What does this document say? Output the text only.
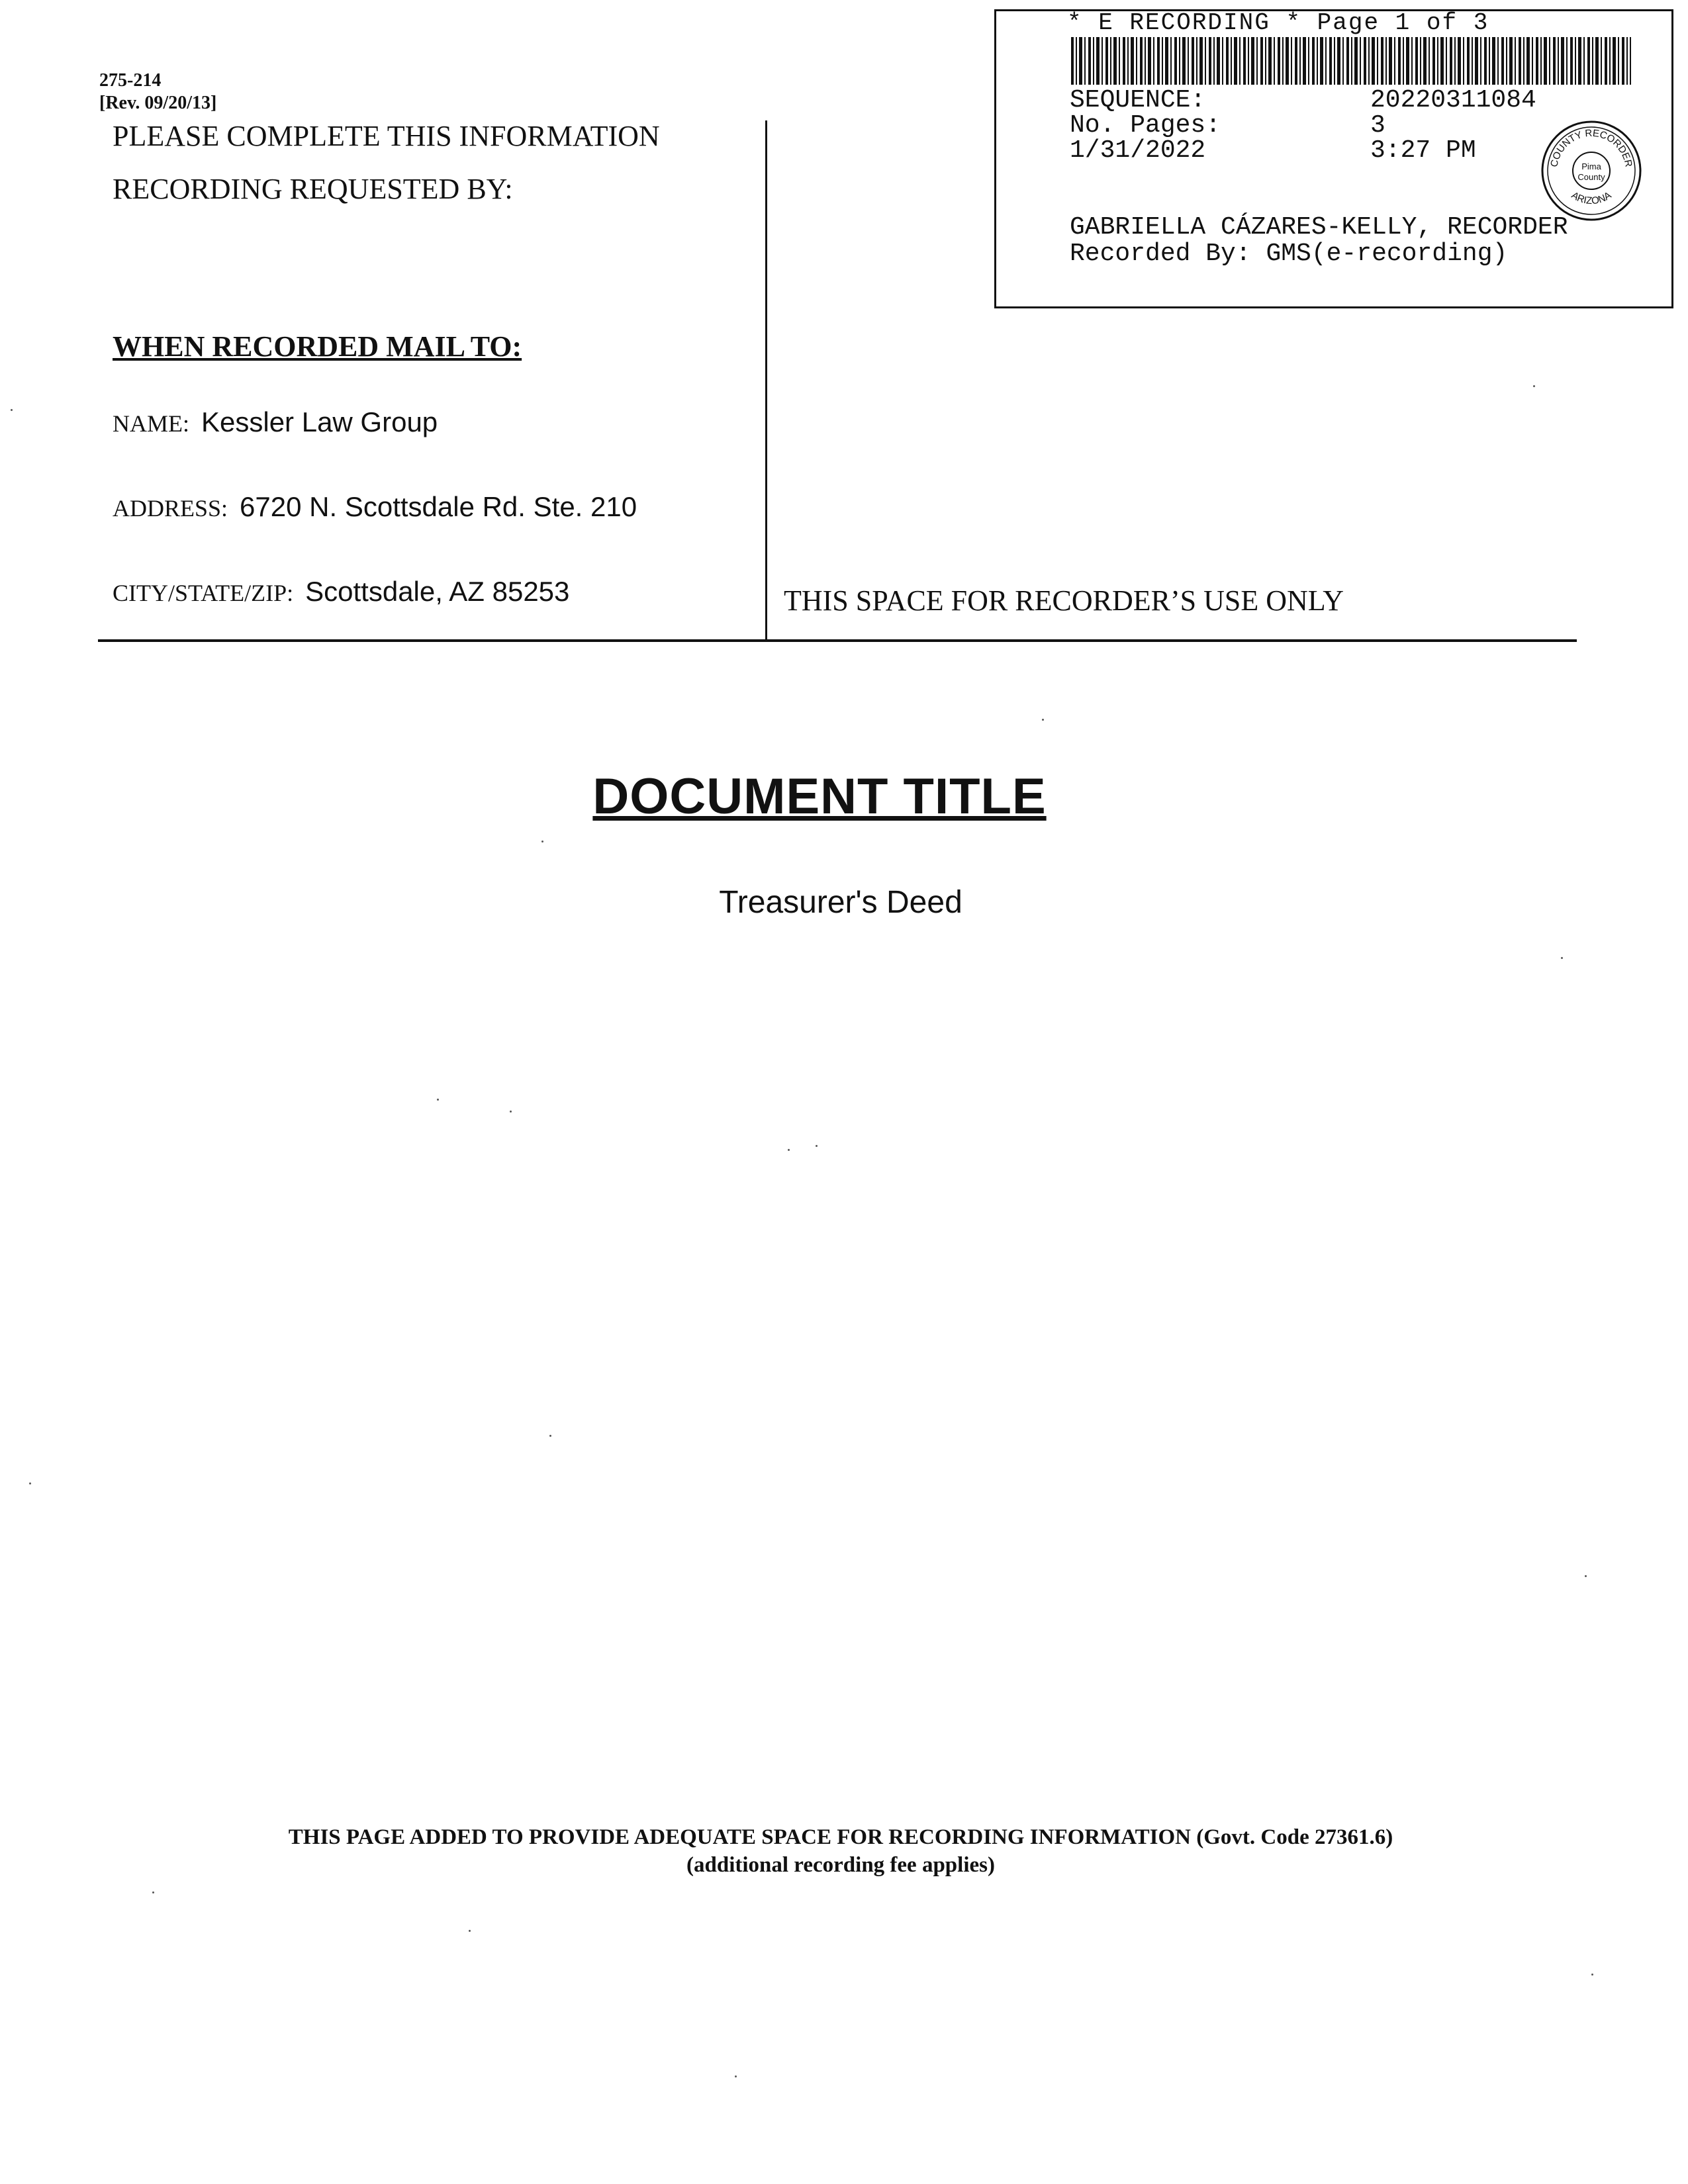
275-214
[Rev. 09/20/13]
PLEASE COMPLETE THIS INFORMATION
RECORDING REQUESTED BY:
WHEN RECORDED MAIL TO:
NAME: Kessler Law Group
ADDRESS: 6720 N. Scottsdale Rd. Ste. 210
CITY/STATE/ZIP: Scottsdale, AZ 85253	THIS SPACE FOR RECORDER’S USE ONLY
* E RECORDING * Page 1 of 3
SEQUENCE:	20220311084
No. Pages:	3
1/31/2022	3:27 PM
GABRIELLA CÁZARES-KELLY, RECORDER
Recorded By: GMS(e-recording)
COUNTY RECORDER
ARIZONA
Pima
County
DOCUMENT TITLE
Treasurer's Deed
THIS PAGE ADDED TO PROVIDE ADEQUATE SPACE FOR RECORDING INFORMATION (Govt. Code 27361.6)
(additional recording fee applies)
